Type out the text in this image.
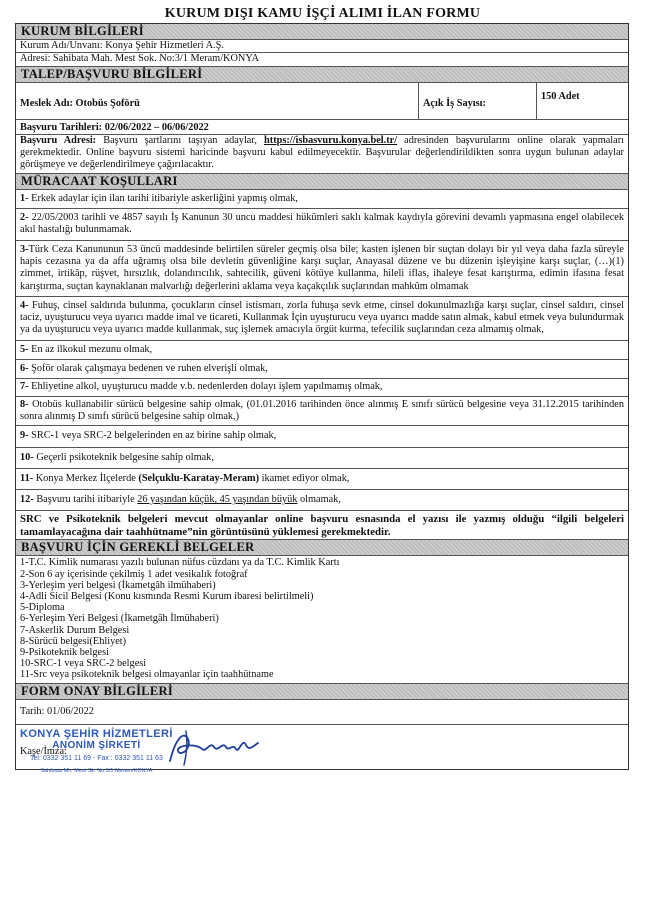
KURUM DIŞI KAMU İŞÇİ ALIMI İLAN FORMU
KURUM BİLGİLERİ
Kurum Adı/Unvanı: Konya Şehir Hizmetleri A.Ş.
Adresi: Sahibata Mah. Mest Sok. No:3/1 Meram/KONYA
TALEP/BAŞVURU BİLGİLERİ
Meslek Adı: Otobüs Şoförü	Açık İş Sayısı:
150 Adet
Başvuru Tarihleri: 02/06/2022 – 06/06/2022
Başvuru Adresi: Başvuru şartlarını taşıyan adaylar, https://isbasvuru.konya.bel.tr/ adresinden başvurularını online olarak yapmaları gerekmektedir. Online başvuru sistemi haricinde başvuru kabul edilmeyecektir. Başvurular değerlendirildikten sonra uygun bulunan adaylar görüşmeye ve değerlendirilmeye çağırılacaktır.
MÜRACAAT KOŞULLARI
1- Erkek adaylar için ilan tarihi itibariyle askerliğini yapmış olmak,
2- 22/05/2003 tarihli ve 4857 sayılı İş Kanunun 30 uncu maddesi hükümleri saklı kalmak kaydıyla görevini devamlı yapmasına engel olabilecek akıl hastalığı bulunmamak.
3-Türk Ceza Kanununun 53 üncü maddesinde belirtilen süreler geçmiş olsa bile; kasten işlenen bir suçtan dolayı bir yıl veya daha fazla süreyle hapis cezasına ya da affa uğramış olsa bile devletin güvenliğine karşı suçlar, Anayasal düzene ve bu düzenin işleyişine karşı suçlar, (…)(1) zimmet, irtikâp, rüşvet, hırsızlık, dolandırıcılık, sahtecilik, güveni kötüye kullanma, hileli iflas, ihaleye fesat karıştırma, edimin ifasına fesat karıştırma, suçtan kaynaklanan malvarlığı değerlerini aklama veya kaçakçılık suçlarından mahkûm olmamak
4- Fuhuş, cinsel saldırıda bulunma, çocukların cinsel istismarı, zorla fuhuşa sevk etme, cinsel dokunulmazlığa karşı suçlar, cinsel saldırı, cinsel taciz, uyuşturucu veya uyarıcı madde imal ve ticareti, Kullanmak İçin uyuşturucu veya uyarıcı madde satın almak, kabul etmek veya bulundurmak ya da uyuşturucu veya uyarıcı madde kullanmak, suç işlemek amacıyla örgüt kurma, tefecilik suçlarından ceza almamış olmak,
5- En az ilkokul mezunu olmak,
6- Şoför olarak çalışmaya bedenen ve ruhen elverişli olmak,
7- Ehliyetine alkol, uyuşturucu madde v.b. nedenlerden dolayı işlem yapılmamış olmak,
8- Otobüs kullanabilir sürücü belgesine sahip olmak, (01.01.2016 tarihinden önce alınmış E sınıfı sürücü belgesine veya 31.12.2015 tarihinden sonra alınmış D sınıfı sürücü belgesine sahip olmak,)
9- SRC-1 veya SRC-2 belgelerinden en az birine sahip olmak,
10- Geçerli psikoteknik belgesine sahip olmak,
11- Konya Merkez İlçelerde (Selçuklu-Karatay-Meram) ikamet ediyor olmak,
12- Başvuru tarihi itibariyle 26 yaşından küçük, 45 yaşından büyük olmamak,
SRC ve Psikoteknik belgeleri mevcut olmayanlar online başvuru esnasında el yazısı ile yazmış olduğu “ilgili belgeleri tamamlayacağına dair taahhütname”nin görüntüsünü yüklemesi gerekmektedir.
BAŞVURU İÇİN GEREKLİ BELGELER
1-T.C. Kimlik numarası yazılı bulunan nüfus cüzdanı ya da T.C. Kimlik Kartı
2-Son 6 ay içerisinde çekilmiş 1 adet vesikalık fotoğraf
3-Yerleşim yeri belgesi (İkametgâh ilmühaberi)
4-Adli Sicil Belgesi (Konu kısmında Resmi Kurum ibaresi belirtilmeli)
5-Diploma
6-Yerleşim Yeri Belgesi (İkametgâh İlmühaberi)
7-Askerlik Durum Belgesi
8-Sürücü belgesi(Ehliyet)
9-Psikoteknik belgesi
10-SRC-1 veya SRC-2 belgesi
11-Src veya psikoteknik belgesi olmayanlar için taahhütname
FORM ONAY BİLGİLERİ
Tarih: 01/06/2022
KONYA ŞEHİR HİZMETLERİ
ANONİM ŞİRKETİ
Tel: 0332 351 11 69 - Fax : 0332 351 11 63
Sahibata Mh. Mest Sk. No:3/1 Meram/KONYA
Kaşe/İmza:
